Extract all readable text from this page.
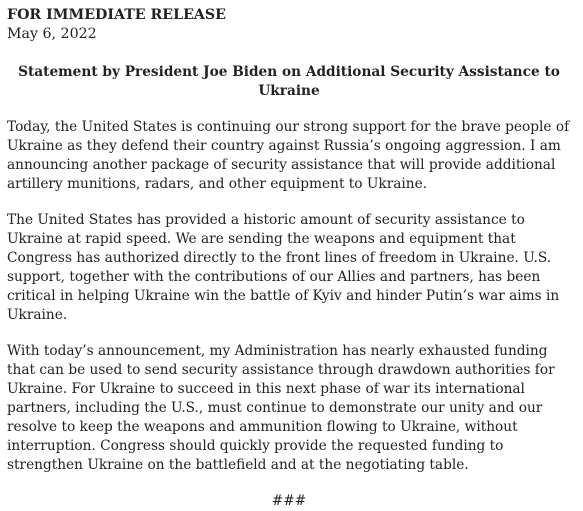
FOR IMMEDIATE RELEASE

May 6, 2022

Statement by President Joe Biden on Additional Security Assistance to Ukraine

Today, the United States is continuing our strong support for the brave people of Ukraine as they defend their country against Russia’s ongoing aggression. I am announcing another package of security assistance that will provide additional artillery munitions, radars, and other equipment to Ukraine.

The United States has provided a historic amount of security assistance to Ukraine at rapid speed. We are sending the weapons and equipment that Congress has authorized directly to the front lines of freedom in Ukraine. U.S. support, together with the contributions of our Allies and partners, has been critical in helping Ukraine win the battle of Kyiv and hinder Putin’s war aims in Ukraine.

With today’s announcement, my Administration has nearly exhausted funding that can be used to send security assistance through drawdown authorities for Ukraine. For Ukraine to succeed in this next phase of war its international partners, including the U.S., must continue to demonstrate our unity and our resolve to keep the weapons and ammunition flowing to Ukraine, without interruption. Congress should quickly provide the requested funding to strengthen Ukraine on the battlefield and at the negotiating table.

###
